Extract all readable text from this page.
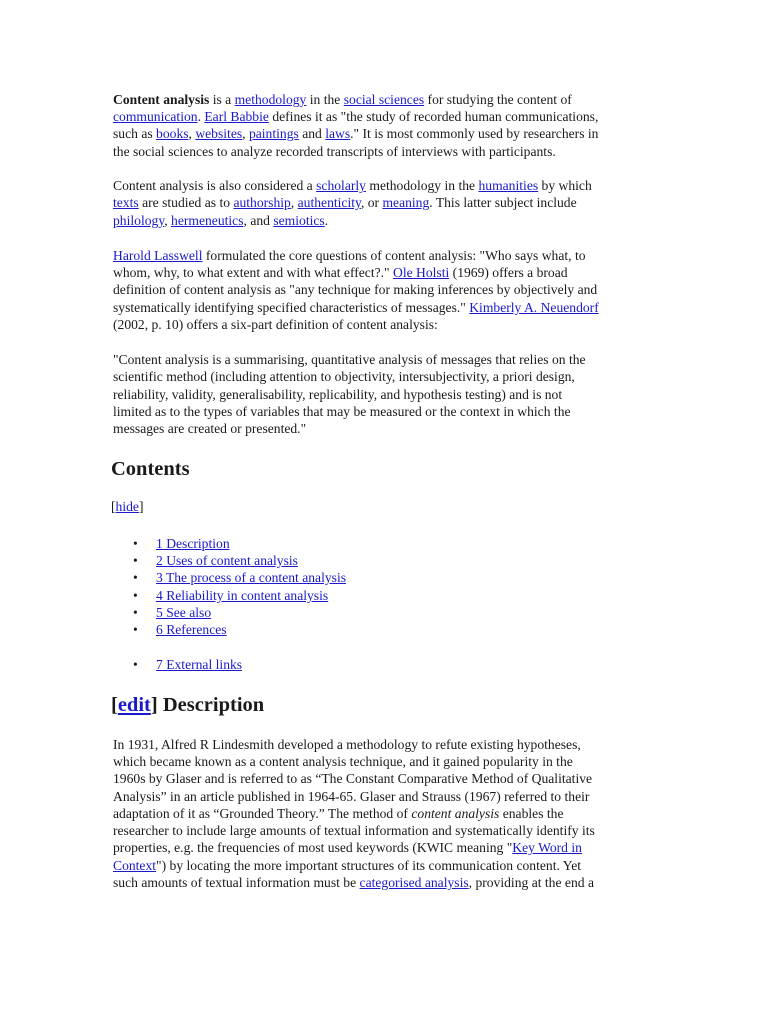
Content analysis is a methodology in the social sciences for studying the content of
communication. Earl Babbie defines it as "the study of recorded human communications,
such as books, websites, paintings and laws." It is most commonly used by researchers in
the social sciences to analyze recorded transcripts of interviews with participants.
Content analysis is also considered a scholarly methodology in the humanities by which
texts are studied as to authorship, authenticity, or meaning. This latter subject include
philology, hermeneutics, and semiotics.
Harold Lasswell formulated the core questions of content analysis: "Who says what, to
whom, why, to what extent and with what effect?." Ole Holsti (1969) offers a broad
definition of content analysis as "any technique for making inferences by objectively and
systematically identifying specified characteristics of messages." Kimberly A. Neuendorf
(2002, p. 10) offers a six-part definition of content analysis:
"Content analysis is a summarising, quantitative analysis of messages that relies on the
scientific method (including attention to objectivity, intersubjectivity, a priori design,
reliability, validity, generalisability, replicability, and hypothesis testing) and is not
limited as to the types of variables that may be measured or the context in which the
messages are created or presented."
Contents
[hide]
• 1 Description
• 2 Uses of content analysis
• 3 The process of a content analysis
• 4 Reliability in content analysis
• 5 See also
• 6 References
• 7 External links
[edit] Description
In 1931, Alfred R Lindesmith developed a methodology to refute existing hypotheses,
which became known as a content analysis technique, and it gained popularity in the
1960s by Glaser and is referred to as “The Constant Comparative Method of Qualitative
Analysis” in an article published in 1964-65. Glaser and Strauss (1967) referred to their
adaptation of it as “Grounded Theory.” The method of content analysis enables the
researcher to include large amounts of textual information and systematically identify its
properties, e.g. the frequencies of most used keywords (KWIC meaning "Key Word in
Context") by locating the more important structures of its communication content. Yet
such amounts of textual information must be categorised analysis, providing at the end a
